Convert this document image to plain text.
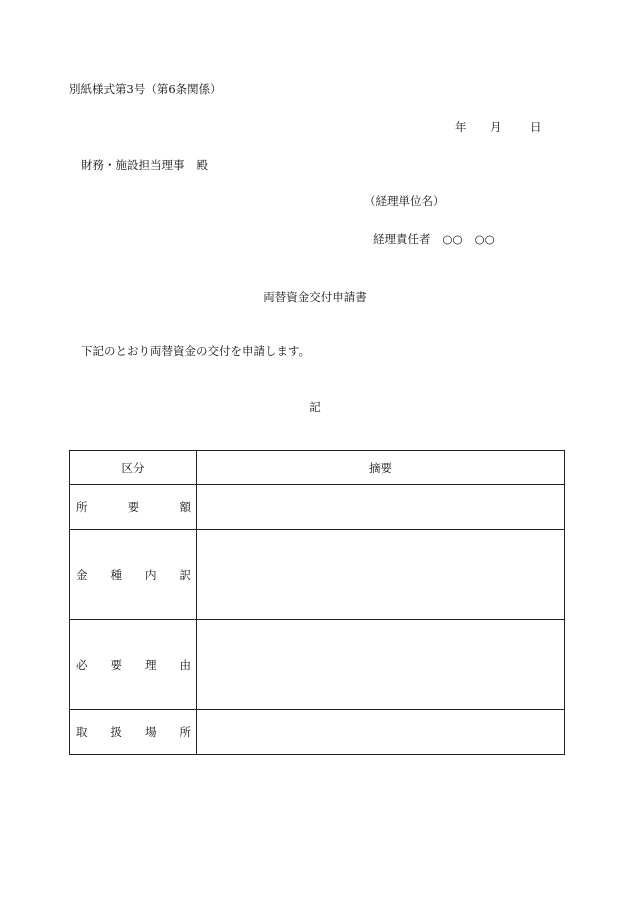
別紙様式第3号（第6条関係）
年 月 日
財務・施設担当理事 殿
（経理単位名）
経理責任者 ○○ ○○
両替資金交付申請書
下記のとおり両替資金の交付を申請します。
記
区分	摘要

所 要 額	

金 種 内 訳	

必 要 理 由	

取 扱 場 所	
